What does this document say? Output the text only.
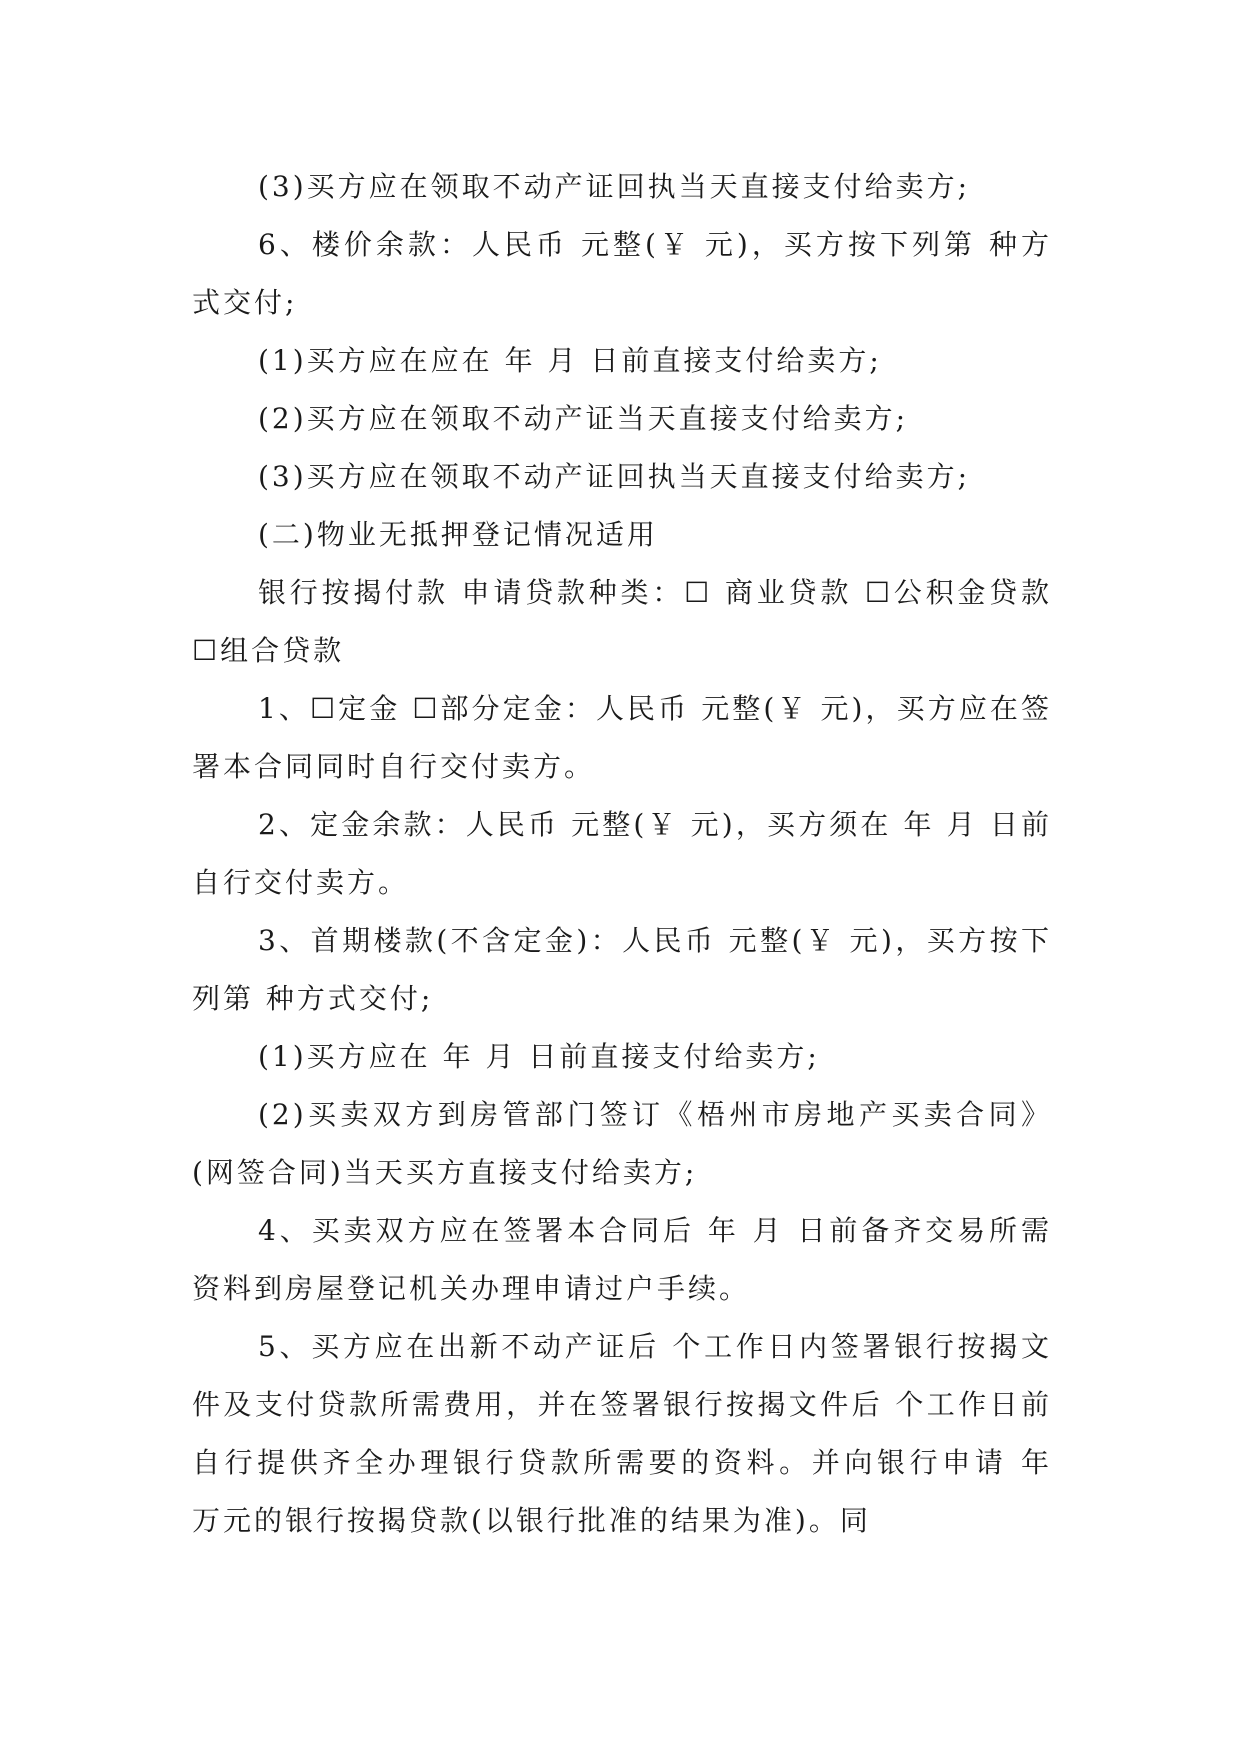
(3)买方应在领取不动产证回执当天直接支付给卖方;

6、楼价余款：人民币 元整(￥ 元)，买方按下列第 种方式交付;

(1)买方应在应在 年 月 日前直接支付给卖方;

(2)买方应在领取不动产证当天直接支付给卖方;

(3)买方应在领取不动产证回执当天直接支付给卖方;

(二)物业无抵押登记情况适用

银行按揭付款 申请贷款种类：☐ 商业贷款 ☐公积金贷款 ☐组合贷款

1、☐定金 ☐部分定金：人民币 元整(￥ 元)，买方应在签署本合同同时自行交付卖方。

2、定金余款：人民币 元整(￥ 元)，买方须在 年 月 日前自行交付卖方。

3、首期楼款(不含定金)：人民币 元整(￥ 元)，买方按下列第 种方式交付;

(1)买方应在 年 月 日前直接支付给卖方;

(2)买卖双方到房管部门签订《梧州市房地产买卖合同》(网签合同)当天买方直接支付给卖方;

4、买卖双方应在签署本合同后 年 月 日前备齐交易所需资料到房屋登记机关办理申请过户手续。

5、买方应在出新不动产证后 个工作日内签署银行按揭文件及支付贷款所需费用，并在签署银行按揭文件后 个工作日前自行提供齐全办理银行贷款所需要的资料。并向银行申请 年 万元的银行按揭贷款(以银行批准的结果为准)。同
